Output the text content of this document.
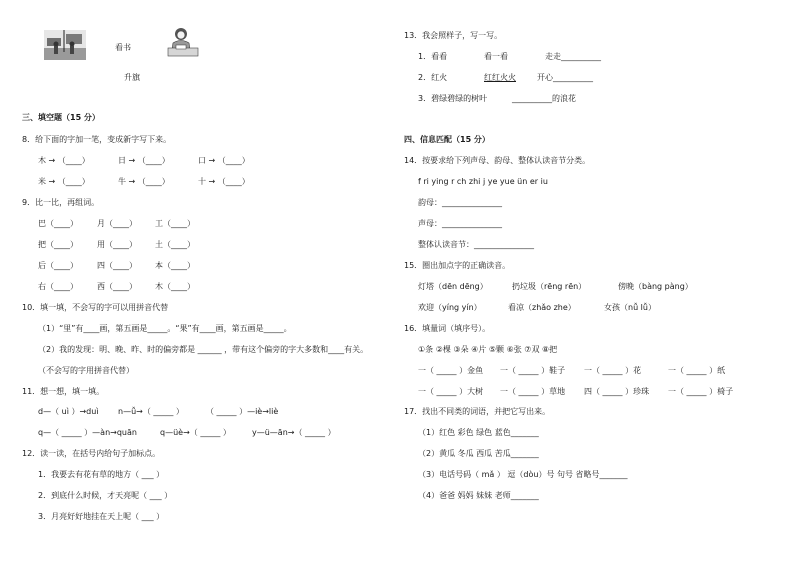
看书
升旗
三、填空题（15 分）
8．给下面的字加一笔，变成新字写下来。
木 → （____）	日 → （____）	口 → （____）
米 → （____）	牛 → （____）	十 → （____）
9．比一比，再组词。
巴（____） 月（____） 工（____）
把（____） 用（____） 土（____）
后（____） 四（____） 本（____）
右（____） 西（____） 木（____）
10．填一填，不会写的字可以用拼音代替
（1）“里”有____画，第五画是_____。“果”有____画，第五画是_____。
（2）我的发现：明、晚、昨、时的偏旁都是 ______ ，带有这个偏旁的字大多数和____有关。
（不会写的字用拼音代替）
11．想一想，填一填。
d—（ uì ）→duì n—ǚ→（ _____ ）	（ _____ ）—iè→liè
q—（ _____ ）—àn→quān	q—üè→（ _____ ）	y—ü—ān→（ _____ ）
12．读一读，在括号内给句子加标点。
1．我要去有花有草的地方（ ___ ）
2．到底什么时候，才天亮呢（ ___ ）
3．月亮好好地挂在天上呢（ ___ ）
13．我会照样子，写一写。
1．看看	看一看	走走__________
2．红火	红红火火	开心__________
3．碧绿碧绿的树叶	__________的浪花
四、信息匹配（15 分）
14．按要求给下列声母、韵母、整体认读音节分类。
f ri ying r ch zhi j ye yue ün er iu
韵母：_______________
声母：_______________
整体认读音节：_______________
15．圈出加点字的正确读音。
灯塔（dēn dēng）	扔垃圾（rēng rēn）	傍晚（bàng pàng）
欢迎（yíng yín）	看凉（zhǎo zhe）	女孩（nǚ lǚ）
16．填量词（填序号）。
①条 ②棵 ③朵 ④片 ⑤颗 ⑥张 ⑦双 ⑧把
一（ _____ ）金鱼 一（ _____ ）鞋子 一（ _____ ）花	一（ _____ ）纸
一（ _____ ）大树 一（ _____ ）草地 四（ _____ ）珍珠 一（ _____ ）椅子
17．找出不同类的词语，并把它写出来。
（1）红色 彩色 绿色 蓝色_______
（2）黄瓜 冬瓜 西瓜 苦瓜_______
（3）电话号码（ mǎ ） 逗（dòu）号 句号 省略号_______
（4）爸爸 妈妈 妹妹 老师_______
